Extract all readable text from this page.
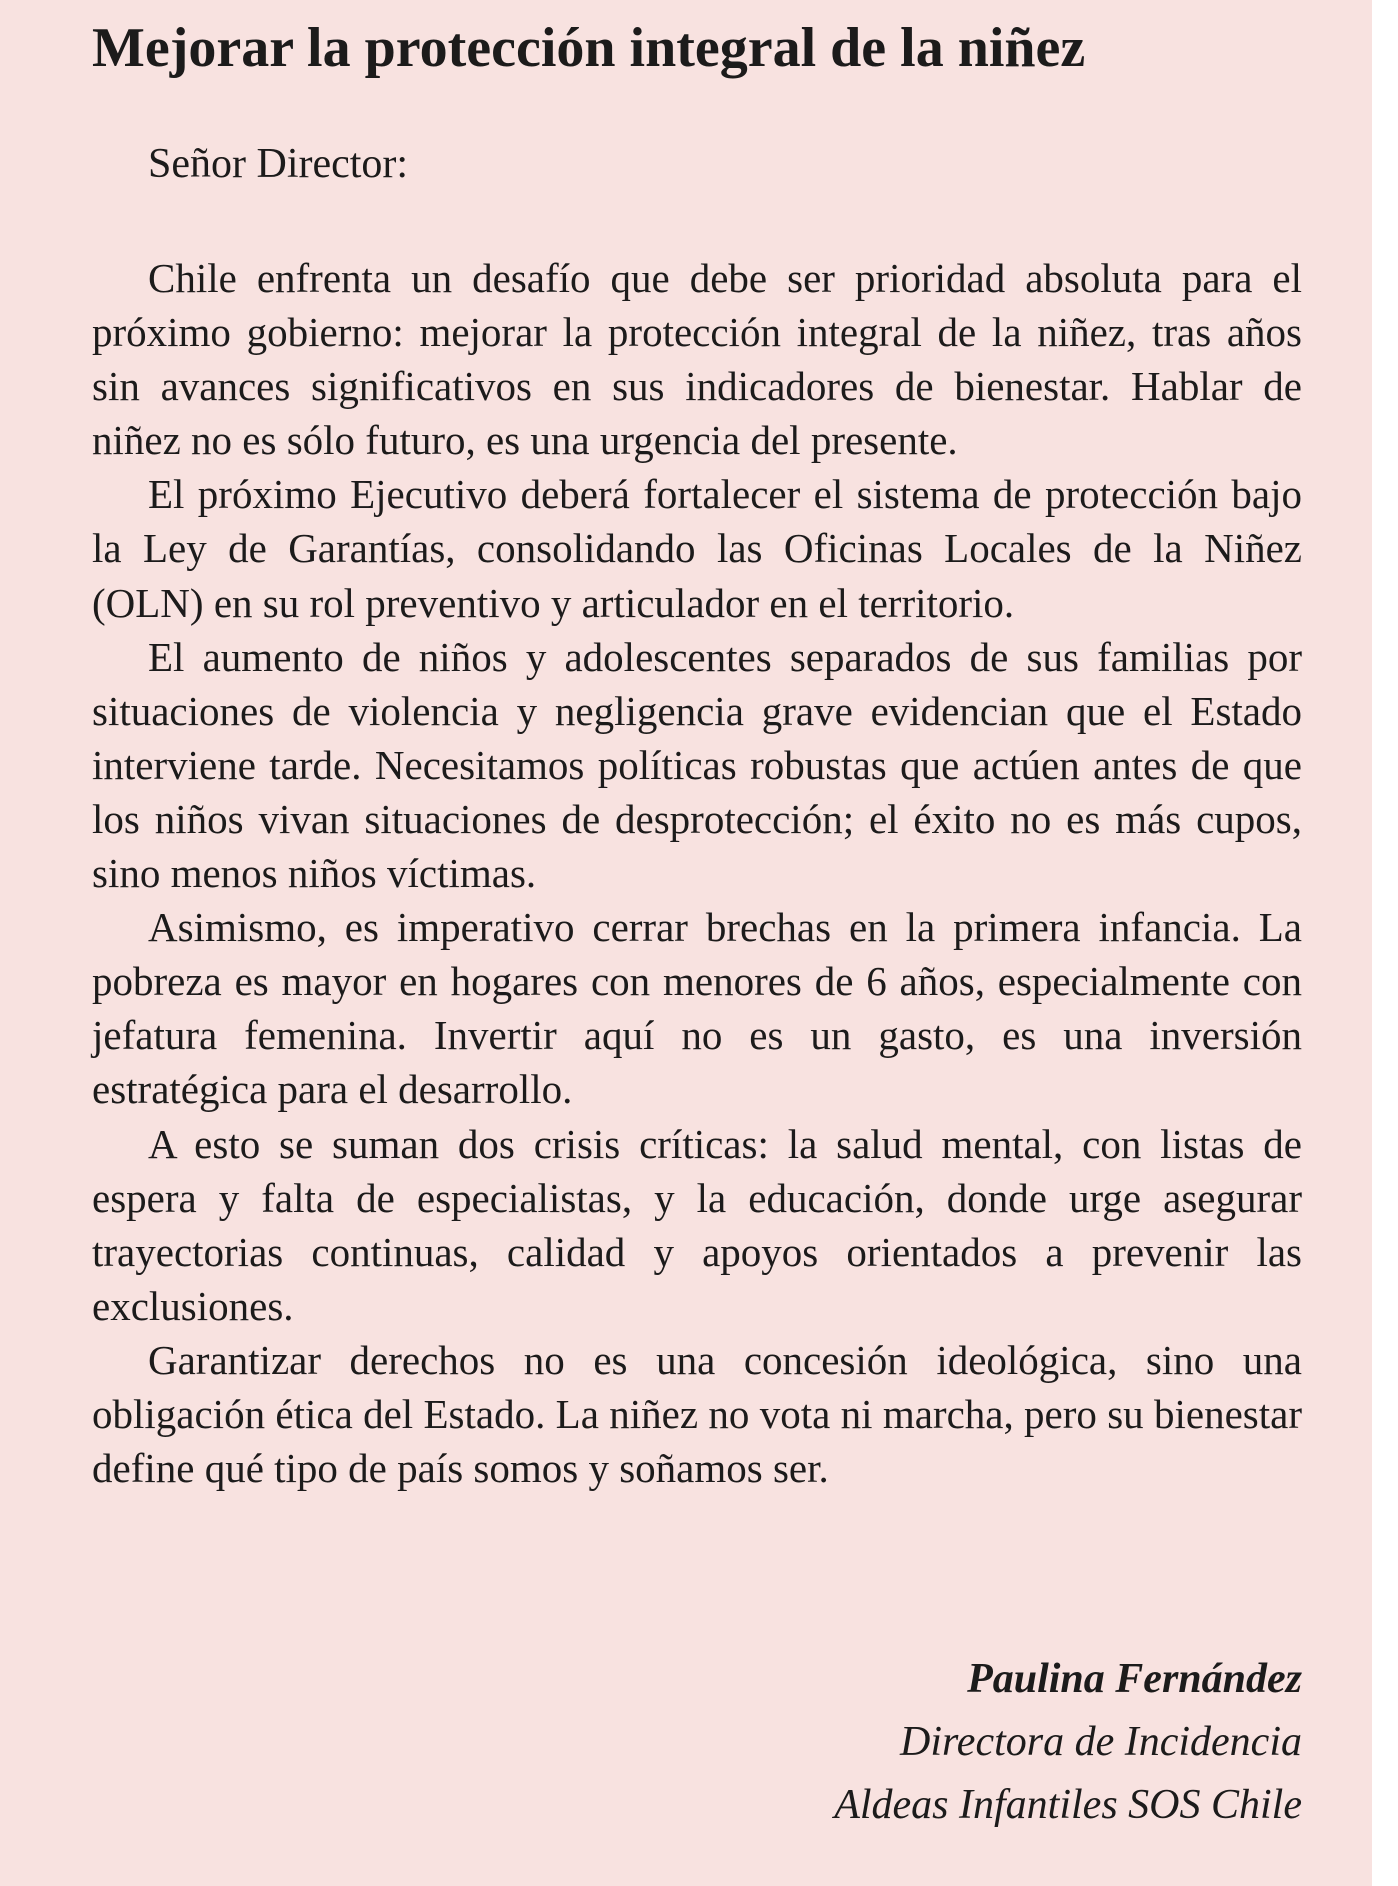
Mejorar la protección integral de la niñez

Señor Director:

Chile enfrenta un desafío que debe ser prioridad absoluta para el próximo gobierno: mejorar la protección integral de la niñez, tras años sin avances significativos en sus indicadores de bienestar. Hablar de niñez no es sólo futuro, es una urgencia del presente.

El próximo Ejecutivo deberá fortalecer el sistema de protección bajo la Ley de Garantías, consolidando las Oficinas Locales de la Niñez (OLN) en su rol preventivo y articulador en el territorio.

El aumento de niños y adolescentes separados de sus familias por situaciones de violencia y negligencia grave evidencian que el Estado interviene tarde. Necesitamos políticas robustas que actúen antes de que los niños vivan situaciones de desprotección; el éxito no es más cupos, sino menos niños víctimas.

Asimismo, es imperativo cerrar brechas en la primera infancia. La pobreza es mayor en hogares con menores de 6 años, especialmente con jefatura femenina. Invertir aquí no es un gasto, es una inversión estratégica para el desarrollo.

A esto se suman dos crisis críticas: la salud mental, con listas de espera y falta de especialistas, y la educación, donde urge asegurar trayectorias continuas, calidad y apoyos orientados a prevenir las exclusiones.

Garantizar derechos no es una concesión ideológica, sino una obligación ética del Estado. La niñez no vota ni marcha, pero su bienestar define qué tipo de país somos y soñamos ser.

Paulina Fernández
Directora de Incidencia
Aldeas Infantiles SOS Chile
